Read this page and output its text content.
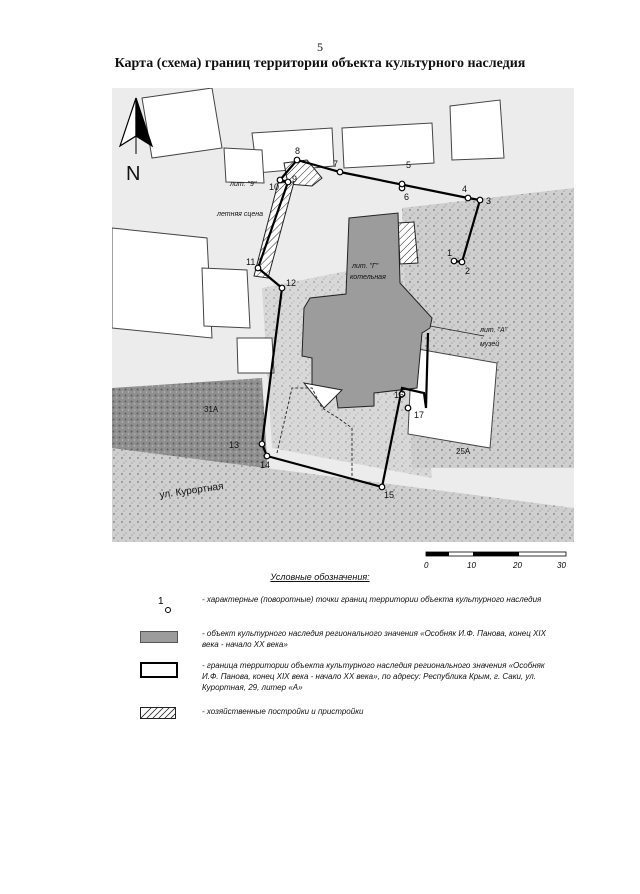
5
Карта (схема) границ территории объекта культурного наследия
ул. Курортная
31А
25А
1
2
3
4
5
6
7
8
9
10
11
12
13
14
15
16
17
лит. "9"
летняя сцена
лит. "Г"
котельная
лит. "А"
музей
N
0	10	20	30
Условные обозначения:
1	- характерные (поворотные) точки границ территории объекта культурного наследия
- объект культурного наследия регионального значения «Особняк И.Ф. Панова, конец XIX века - начало XX века»
- граница территории объекта культурного наследия регионального значения «Особняк И.Ф. Панова, конец XIX века - начало XX века», по адресу: Республика Крым, г. Саки, ул. Курортная, 29, литер «А»
- хозяйственные постройки и пристройки
